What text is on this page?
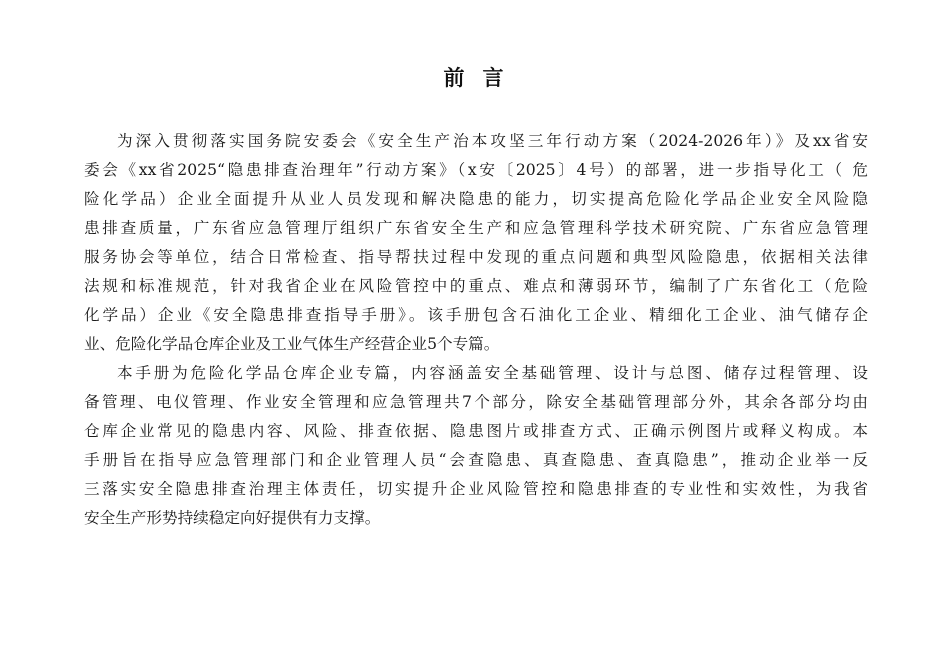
前言
为深入贯彻落实国务院安委会《安全生产治本攻坚三年行动方案（2024-2026年）》及xx省安
委会《xx省2025“隐患排查治理年”行动方案》（x安〔2025〕4号）的部署，进一步指导化工（ 危
险化学品）企业全面提升从业人员发现和解决隐患的能力，切实提高危险化学品企业安全风险隐
患排查质量，广东省应急管理厅组织广东省安全生产和应急管理科学技术研究院、广东省应急管理
服务协会等单位，结合日常检查、指导帮扶过程中发现的重点问题和典型风险隐患，依据相关法律
法规和标准规范，针对我省企业在风险管控中的重点、难点和薄弱环节，编制了广东省化工（危险
化学品）企业《安全隐患排查指导手册》。该手册包含石油化工企业、精细化工企业、油气储存企
业、危险化学品仓库企业及工业气体生产经营企业5个专篇。
本手册为危险化学品仓库企业专篇，内容涵盖安全基础管理、设计与总图、储存过程管理、设
备管理、电仪管理、作业安全管理和应急管理共7个部分，除安全基础管理部分外，其余各部分均由
仓库企业常见的隐患内容、风险、排查依据、隐患图片或排查方式、正确示例图片或释义构成。本
手册旨在指导应急管理部门和企业管理人员“会查隐患、真查隐患、查真隐患”，推动企业举一反
三落实安全隐患排查治理主体责任，切实提升企业风险管控和隐患排查的专业性和实效性，为我省
安全生产形势持续稳定向好提供有力支撑。
